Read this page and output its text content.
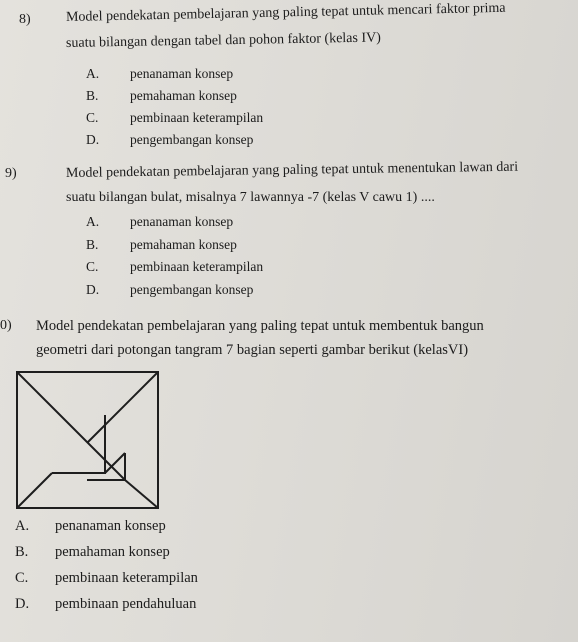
8)	Model pendekatan pembelajaran yang paling tepat untuk mencari faktor prima
suatu bilangan dengan tabel dan pohon faktor (kelas IV)
A. penanaman konsep
B. pemahaman konsep
C. pembinaan keterampilan
D. pengembangan konsep
9)	Model pendekatan pembelajaran yang paling tepat untuk menentukan lawan dari
suatu bilangan bulat, misalnya 7 lawannya -7 (kelas V cawu 1) ....
A. penanaman konsep
B. pemahaman konsep
C. pembinaan keterampilan
D. pengembangan konsep
0) Model pendekatan pembelajaran yang paling tepat untuk membentuk bangun
geometri dari potongan tangram 7 bagian seperti gambar berikut (kelasVI)
A. penanaman konsep
B. pemahaman konsep
C. pembinaan keterampilan
D. pembinaan pendahuluan
